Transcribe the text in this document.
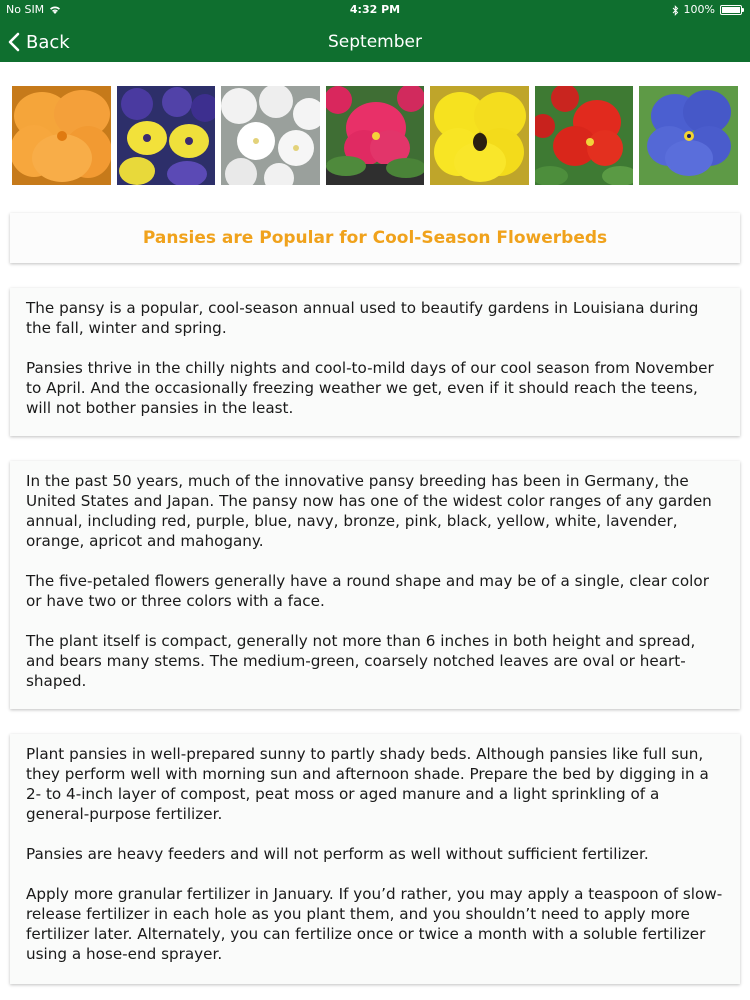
No SIM	4:32 PM	100%
Back	September
Pansies are Popular for Cool-Season Flowerbeds

The pansy is a popular, cool-season annual used to beautify gardens in Louisiana during the fall, winter and spring.

Pansies thrive in the chilly nights and cool-to-mild days of our cool season from November to April. And the occasionally freezing weather we get, even if it should reach the teens, will not bother pansies in the least.

In the past 50 years, much of the innovative pansy breeding has been in Germany, the United States and Japan. The pansy now has one of the widest color ranges of any garden annual, including red, purple, blue, navy, bronze, pink, black, yellow, white, lavender, orange, apricot and mahogany.

The five-petaled flowers generally have a round shape and may be of a single, clear color or have two or three colors with a face.

The plant itself is compact, generally not more than 6 inches in both height and spread, and bears many stems. The medium-green, coarsely notched leaves are oval or heart-shaped.

Plant pansies in well-prepared sunny to partly shady beds. Although pansies like full sun, they perform well with morning sun and afternoon shade. Prepare the bed by digging in a 2- to 4-inch layer of compost, peat moss or aged manure and a light sprinkling of a general-purpose fertilizer.

Pansies are heavy feeders and will not perform as well without sufficient fertilizer.

Apply more granular fertilizer in January. If you’d rather, you may apply a teaspoon of slow-release fertilizer in each hole as you plant them, and you shouldn’t need to apply more fertilizer later. Alternately, you can fertilize once or twice a month with a soluble fertilizer using a hose-end sprayer.
